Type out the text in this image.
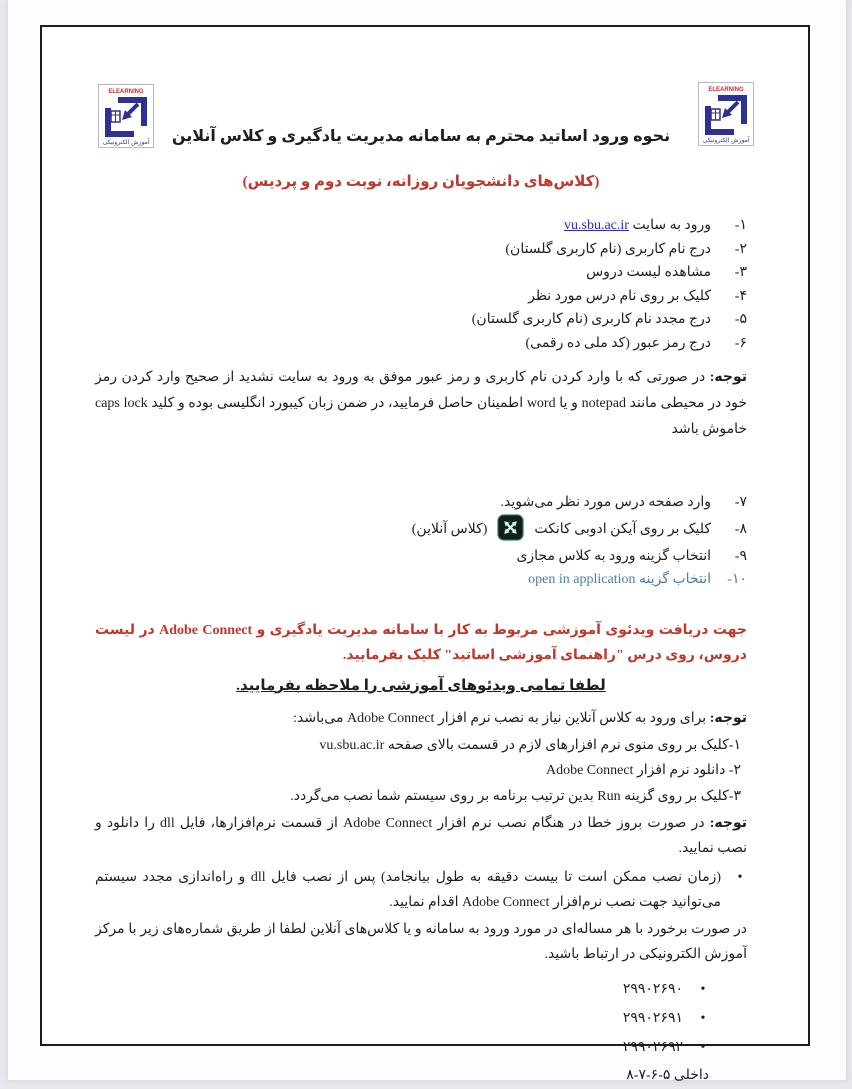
ELEARNING
آموزش الکترونیکی
ELEARNING
آموزش الکترونیکی
نحوه ورود اساتید محترم به سامانه مدیریت یادگیری و کلاس آنلاین
(کلاس‌های دانشجویان روزانه، نوبت دوم و پردیس)
۱-
ورود به سایت vu.sbu.ac.ir
۲-
درج نام کاربری (نام کاربری گلستان)
۳-
مشاهده لیست دروس
۴-
کلیک بر روی نام درس مورد نظر
۵-
درج مجدد نام کاربری (نام کاربری گلستان)
۶-
درج رمز عبور (کد ملی ده رقمی)

توجه: در صورتی که با وارد کردن نام کاربری و رمز عبور موفق به ورود به سایت نشدید از صحیح وارد کردن رمز خود در محیطی مانند notepad و یا word اطمینان حاصل فرمایید، در ضمن زبان کیبورد انگلیسی بوده و کلید caps lock خاموش باشد

۷-
وارد صفحه درس مورد نظر می‌شوید.
۸-
کلیک بر روی آیکن ادوبی کانکت(کلاس آنلاین)
۹-
انتخاب گزینه ورود به کلاس مجازی
۱۰-
انتخاب گزینه open in application

جهت دریافت ویدئوی آموزشی مربوط به کار با سامانه مدیریت یادگیری و Adobe Connect در لیست دروس، روی درس "راهنمای آموزشی اساتید" کلیک بفرمایید.

لطفا تمامی ویدئوهای آموزشی را ملاحظه بفرمایید.

توجه: برای ورود به کلاس آنلاین نیاز به نصب نرم افزار Adobe Connect می‌باشد:

۱-کلیک بر روی منوی نرم افزارهای لازم در قسمت بالای صفحه vu.sbu.ac.ir
۲- دانلود نرم افزار Adobe Connect
۳-کلیک بر روی گزینه Run بدین ترتیب برنامه بر روی سیستم شما نصب می‌گردد.

توجه: در صورت بروز خطا در هنگام نصب نرم افزار Adobe Connect از قسمت نرم‌افزارها، فایل dll را دانلود و نصب نمایید.

•
(زمان نصب ممکن است تا بیست دقیقه به طول بیانجامد) پس از نصب فایل dll و راه‌اندازی مجدد سیستم می‌توانید جهت نصب نرم‌افزار Adobe Connect اقدام نمایید.

در صورت برخورد با هر مساله‌ای در مورد ورود به سامانه و یا کلاس‌های آنلاین لطفا از طریق شماره‌های زیر با مرکز آموزش الکترونیکی در ارتباط باشید.

•
۲۹۹۰۲۶۹۰
•
۲۹۹۰۲۶۹۱
•
۲۹۹۰۲۶۹۲
داخلی ۵-۶-۷-۸
